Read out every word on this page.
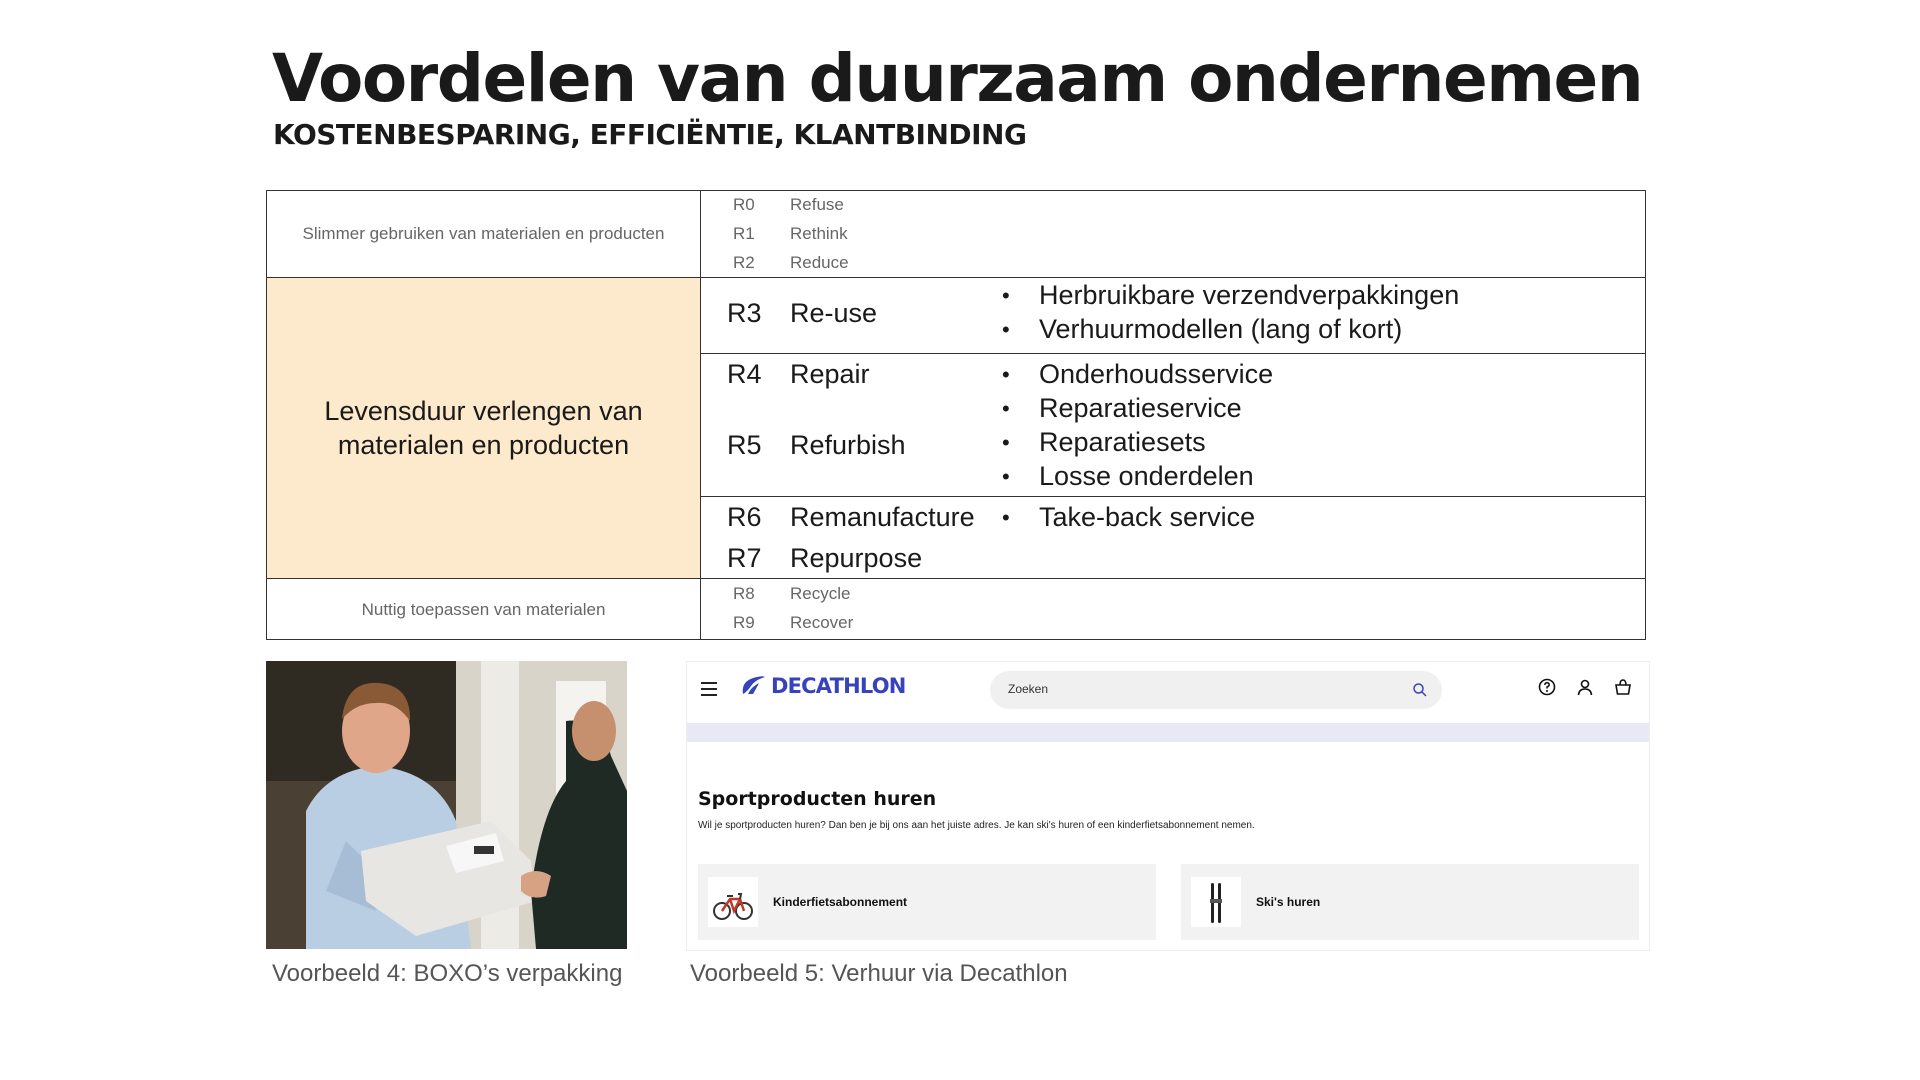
Voordelen van duurzaam ondernemen
KOSTENBESPARING, EFFICIËNTIE, KLANTBINDING
Slimmer gebruiken van materialen en producten
R0 Refuse
R1 Rethink
R2 Reduce
Levensduur verlengen van materialen en producten
R3 Re-use
• Herbruikbare verzendverpakkingen
• Verhuurmodellen (lang of kort)
R4 Repair
R5 Refurbish
• Onderhoudsservice
• Reparatieservice
• Reparatiesets
• Losse onderdelen
R6 Remanufacture
R7 Repurpose
• Take-back service
Nuttig toepassen van materialen
R8 Recycle
R9 Recover
Voorbeeld 4: BOXO’s verpakking
DECATHLON	Zoeken
Sportproducten huren
Wil je sportproducten huren? Dan ben je bij ons aan het juiste adres. Je kan ski's huren of een kinderfietsabonnement nemen.
Kinderfietsabonnement	Ski's huren
Voorbeeld 5: Verhuur via Decathlon
